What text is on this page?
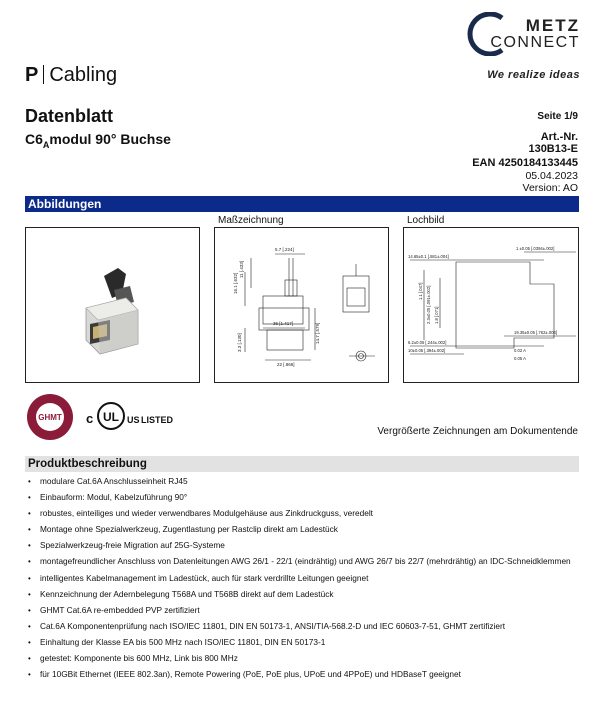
METZ
CONNECT
We realize ideas
P Cabling
Datenblatt
$C6_Amodul$ 90° Buchse
Seite 1/9
Art.-Nr.
130B13-E
EAN 4250184133445
05.04.2023
Version: AO
Abbildungen
Maßzeichnung	Lochbild
5.7 [.224]
16.1 [.632]
11 [.433]
36 [1.417]	14.7 [.579]
3.3 [.130]
22 [.866]
1 ±0.05 [.0394±.002]
14.65±0.1 [.581±.004]
1.1 [.047] 2.3±0.05 [.091±.002] 1.8 [.071]
19.35±0.05 [.762±.004]
6.2±0.05 [.244±.002]
10±0.05 [.394±.002]	0.02 A
0.05 A
GHMT c UL US LISTED
Vergrößerte Zeichnungen am Dokumentende
Produktbeschreibung
• modulare Cat.6A Anschlusseinheit RJ45
• Einbauform: Modul, Kabelzuführung 90°
• robustes, einteiliges und wieder verwendbares Modulgehäuse aus Zinkdruckguss, veredelt
• Montage ohne Spezialwerkzeug, Zugentlastung per Rastclip direkt am Ladestück
• Spezialwerkzeug-freie Migration auf 25G-Systeme
• montagefreundlicher Anschluss von Datenleitungen AWG 26/1 - 22/1 (eindrähtig) und AWG 26/7 bis 22/7 (mehrdrähtig) an IDC-Schneidklemmen
• intelligentes Kabelmanagement im Ladestück, auch für stark verdrillte Leitungen geeignet
• Kennzeichnung der Adernbelegung T568A und T568B direkt auf dem Ladestück
• GHMT Cat.6A re-embedded PVP zertifiziert
• Cat.6A Komponentenprüfung nach ISO/IEC 11801, DIN EN 50173-1, ANSI/TIA-568.2-D und IEC 60603-7-51, GHMT zertifiziert
• Einhaltung der Klasse EA bis 500 MHz nach ISO/IEC 11801, DIN EN 50173-1
• getestet: Komponente bis 600 MHz, Link bis 800 MHz
• für 10GBit Ethernet (IEEE 802.3an), Remote Powering (PoE, PoE plus, UPoE und 4PPoE) und HDBaseT geeignet
